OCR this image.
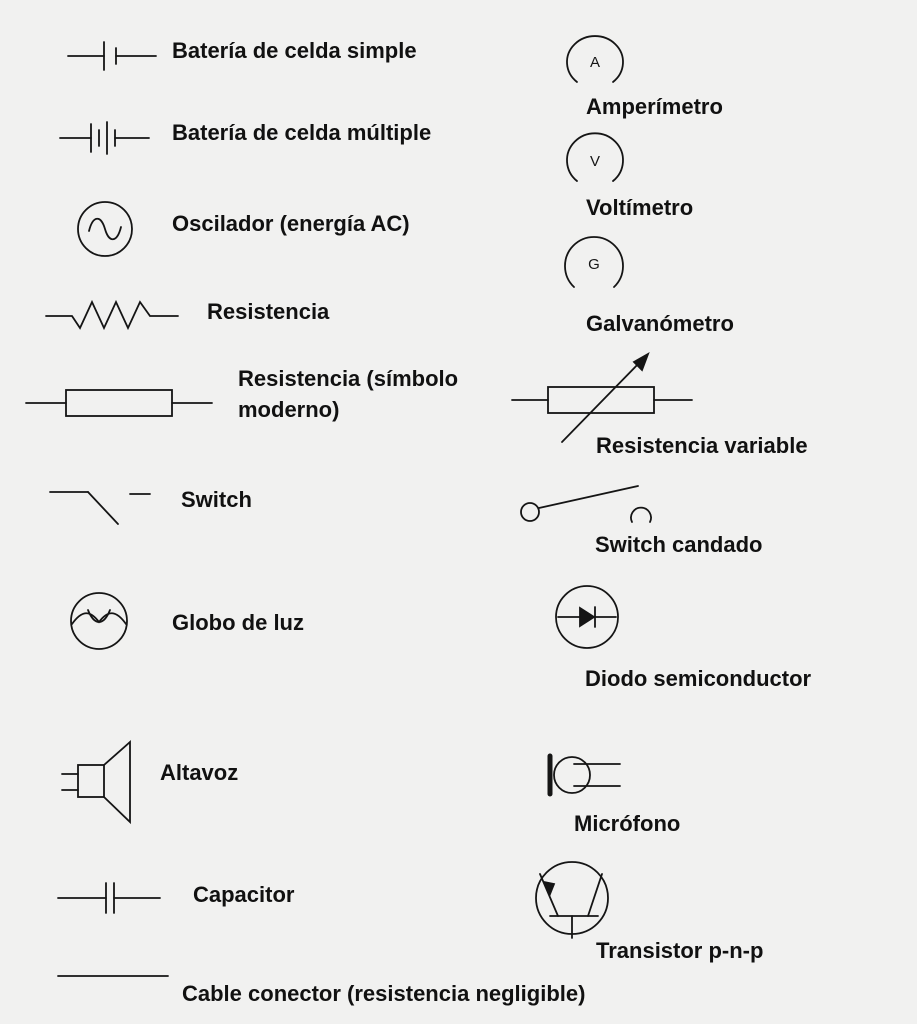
A
V
G
Batería de celda simple
Batería de celda múltiple
Oscilador (energía AC)
Resistencia
Resistencia (símbolo
moderno)
Switch
Globo de luz
Altavoz
Capacitor
Cable conector (resistencia negligible)
Amperímetro
Voltímetro
Galvanómetro
Resistencia variable
Switch candado
Diodo semiconductor
Micrófono
Transistor p-n-p
